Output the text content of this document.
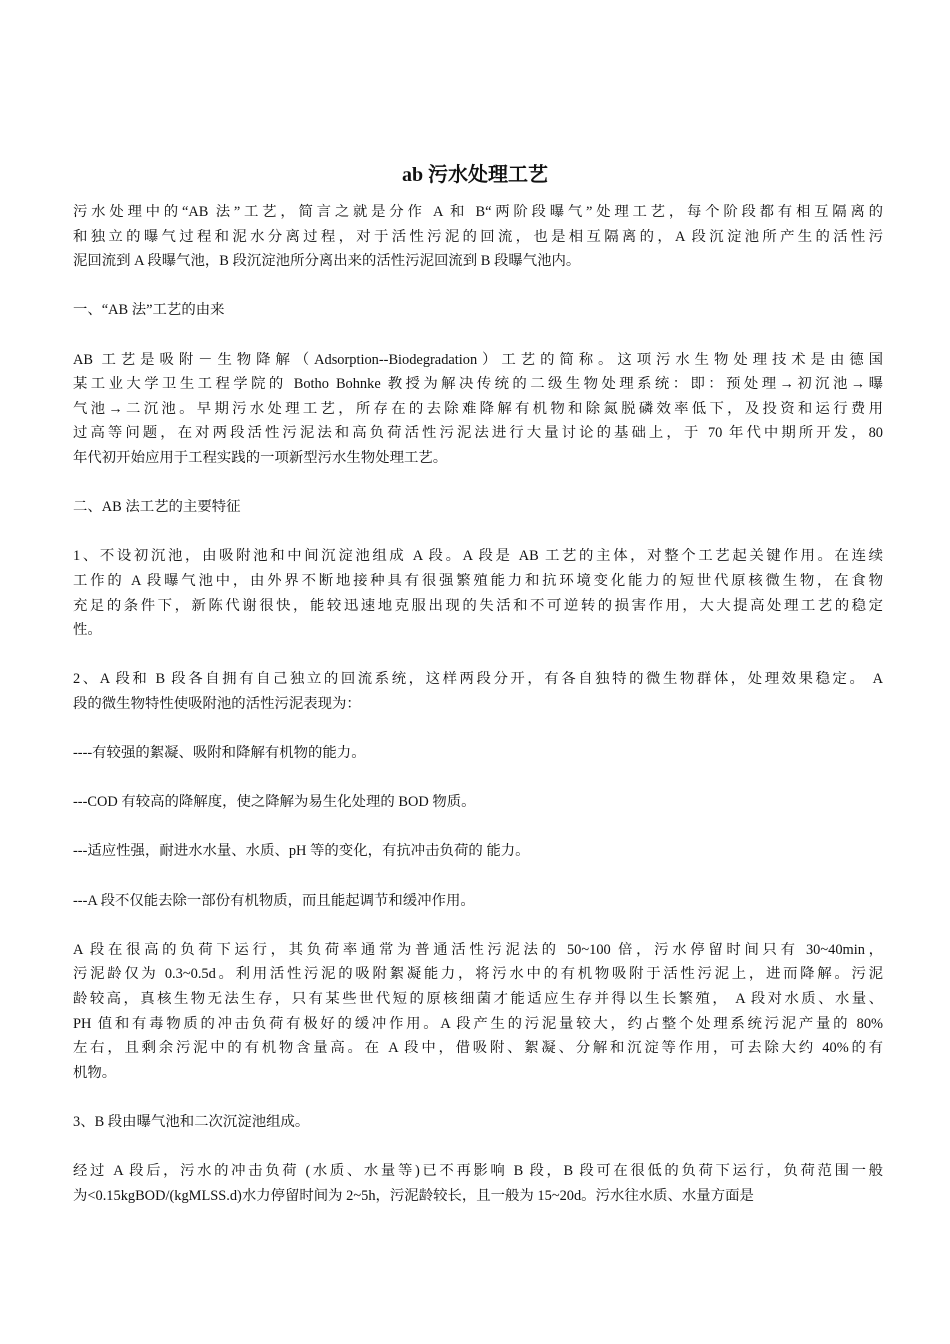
ab 污水处理工艺

污水处理中的“AB 法”工艺，简言之就是分作 A 和 B“两阶段曝气”处理工艺，每个阶段都有相互隔离的
和独立的曝气过程和泥水分离过程，对于活性污泥的回流，也是相互隔离的，A 段沉淀池所产生的活性污
泥回流到 A 段曝气池，B 段沉淀池所分离出来的活性污泥回流到 B 段曝气池内。

一、“AB 法”工艺的由来

AB 工艺是吸附－生物降解（Adsorption--Biodegradation）工艺的简称。这项污水生物处理技术是由德国
某工业大学卫生工程学院的 Botho Bohnke 教授为解决传统的二级生物处理系统：即：预处理→初沉池→曝
气池→二沉池。早期污水处理工艺，所存在的去除难降解有机物和除氮脱磷效率低下，及投资和运行费用
过高等问题，在对两段活性污泥法和高负荷活性污泥法进行大量讨论的基础上，于 70 年代中期所开发，80
年代初开始应用于工程实践的一项新型污水生物处理工艺。

二、AB 法工艺的主要特征

1、不设初沉池，由吸附池和中间沉淀池组成 A 段。A 段是 AB 工艺的主体，对整个工艺起关键作用。在连续
工作的 A 段曝气池中，由外界不断地接种具有很强繁殖能力和抗环境变化能力的短世代原核微生物，在食物
充足的条件下，新陈代谢很快，能较迅速地克服出现的失活和不可逆转的损害作用，大大提高处理工艺的稳定
性。

2、A 段和 B 段各自拥有自己独立的回流系统，这样两段分开，有各自独特的微生物群体，处理效果稳定。 A
段的微生物特性使吸附池的活性污泥表现为：

----有较强的絮凝、吸附和降解有机物的能力。

---COD 有较高的降解度，使之降解为易生化处理的 BOD 物质。

---适应性强，耐进水水量、水质、pH 等的变化，有抗冲击负荷的 能力。

---A 段不仅能去除一部份有机物质，而且能起调节和缓冲作用。

A 段在很高的负荷下运行，其负荷率通常为普通活性污泥法的 50~100 倍，污水停留时间只有 30~40min，
污泥龄仅为 0.3~0.5d。利用活性污泥的吸附絮凝能力，将污水中的有机物吸附于活性污泥上，进而降解。污泥
龄较高，真核生物无法生存，只有某些世代短的原核细菌才能适应生存并得以生长繁殖， A 段对水质、水量、
PH 值和有毒物质的冲击负荷有极好的缓冲作用。A 段产生的污泥量较大，约占整个处理系统污泥产量的 80%
左右，且剩余污泥中的有机物含量高。在 A 段中，借吸附、絮凝、分解和沉淀等作用，可去除大约 40%的有
机物。

3、B 段由曝气池和二次沉淀池组成。

经过 A 段后，污水的冲击负荷 (水质、水量等)已不再影响 B 段，B 段可在很低的负荷下运行，负荷范围一般
为<0.15kgBOD/(kgMLSS.d)水力停留时间为 2~5h，污泥龄较长，且一般为 15~20d。污水往水质、水量方面是
